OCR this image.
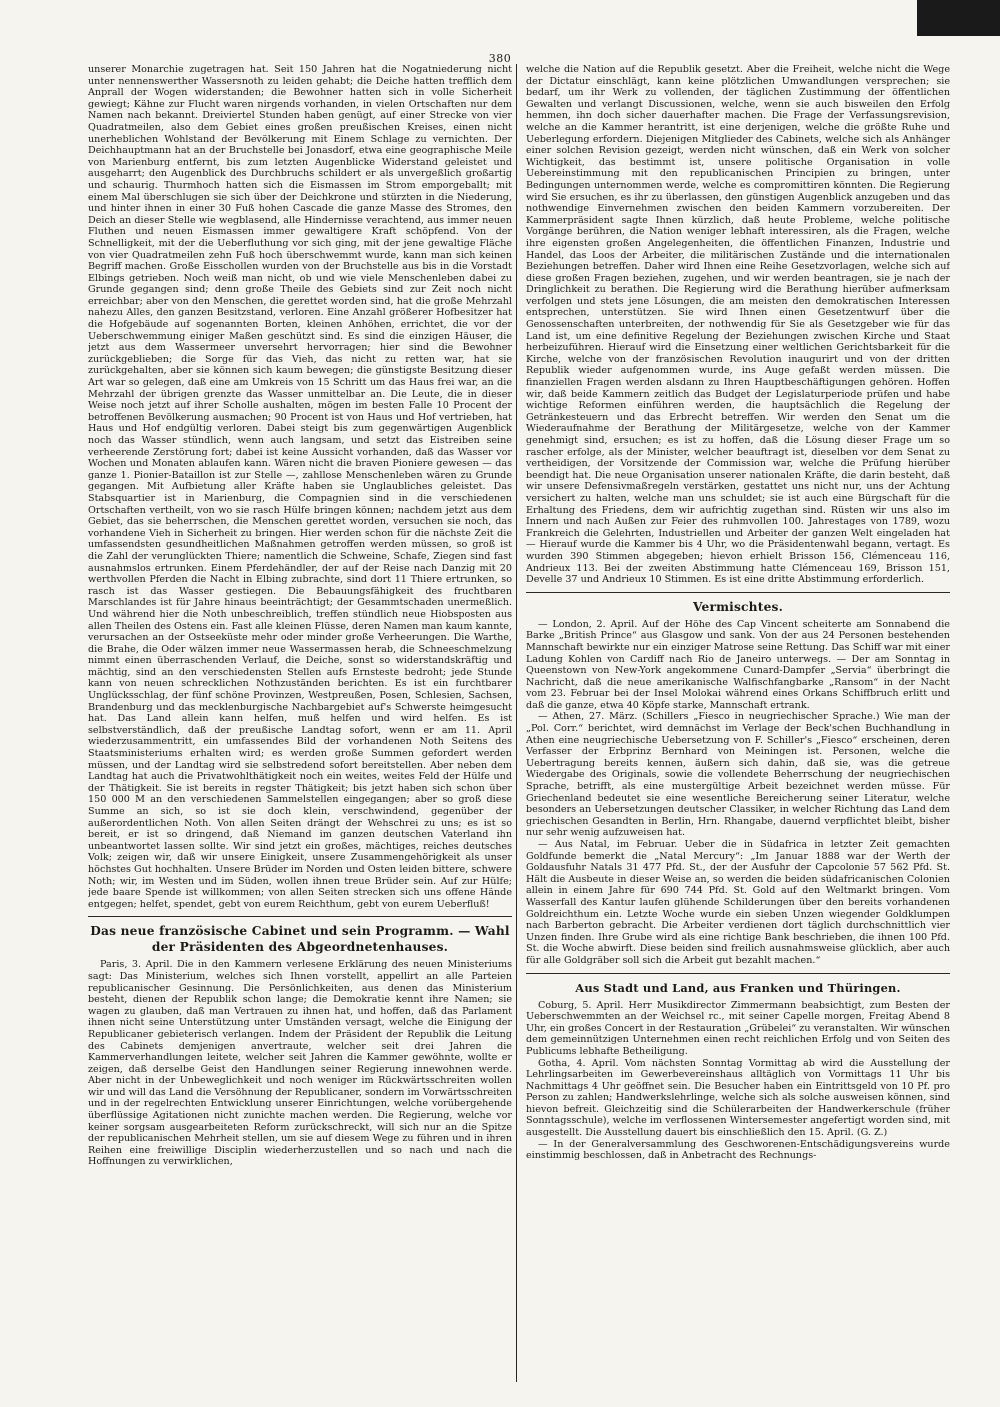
380

unserer Monarchie zugetragen hat. Seit 150 Jahren hat die Nogatniederung nicht unter nennenswerther Wassersnoth zu leiden gehabt; die Deiche hatten trefflich dem Anprall der Wogen widerstanden; die Bewohner hatten sich in volle Sicherheit gewiegt; Kähne zur Flucht waren nirgends vorhanden, in vielen Ortschaften nur dem Namen nach bekannt. Dreiviertel Stunden haben genügt, auf einer Strecke von vier Quadratmeilen, also dem Gebiet eines großen preußischen Kreises, einen nicht unerheblichen Wohlstand der Bevölkerung mit Einem Schlage zu vernichten. Der Deichhauptmann hat an der Bruchstelle bei Jonasdorf, etwa eine geographische Meile von Marienburg entfernt, bis zum letzten Augenblicke Widerstand geleistet und ausgeharrt; den Augenblick des Durchbruchs schildert er als unvergeßlich großartig und schaurig. Thurmhoch hatten sich die Eismassen im Strom emporgeballt; mit einem Mal überschlugen sie sich über der Deichkrone und stürzten in die Niederung, und hinter ihnen in einer 30 Fuß hohen Cascade die ganze Masse des Stromes, den Deich an dieser Stelle wie wegblasend, alle Hindernisse verachtend, aus immer neuen Fluthen und neuen Eismassen immer gewaltigere Kraft schöpfend. Von der Schnelligkeit, mit der die Ueberfluthung vor sich ging, mit der jene gewaltige Fläche von vier Quadratmeilen zehn Fuß hoch überschwemmt wurde, kann man sich keinen Begriff machen. Große Eisschollen wurden von der Bruchstelle aus bis in die Vorstadt Elbings getrieben. Noch weiß man nicht, ob und wie viele Menschenleben dabei zu Grunde gegangen sind; denn große Theile des Gebiets sind zur Zeit noch nicht erreichbar; aber von den Menschen, die gerettet worden sind, hat die große Mehrzahl nahezu Alles, den ganzen Besitzstand, verloren. Eine Anzahl größerer Hofbesitzer hat die Hofgebäude auf sogenannten Borten, kleinen Anhöhen, errichtet, die vor der Ueberschwemmung einiger Maßen geschützt sind. Es sind die einzigen Häuser, die jetzt aus dem Wassermeer unversehrt hervorragen; hier sind die Bewohner zurückgeblieben; die Sorge für das Vieh, das nicht zu retten war, hat sie zurückgehalten, aber sie können sich kaum bewegen; die günstigste Besitzung dieser Art war so gelegen, daß eine am Umkreis von 15 Schritt um das Haus frei war, an die Mehrzahl der übrigen grenzte das Wasser unmittelbar an. Die Leute, die in dieser Weise noch jetzt auf ihrer Scholle aushalten, mögen im besten Falle 10 Procent der betroffenen Bevölkerung ausmachen; 90 Procent ist von Haus und Hof vertrieben, hat Haus und Hof endgültig verloren. Dabei steigt bis zum gegenwärtigen Augenblick noch das Wasser stündlich, wenn auch langsam, und setzt das Eistreiben seine verheerende Zerstörung fort; dabei ist keine Aussicht vorhanden, daß das Wasser vor Wochen und Monaten ablaufen kann. Wären nicht die braven Pioniere gewesen — das ganze 1. Pionier-Bataillon ist zur Stelle —, zahllose Menschenleben wären zu Grunde gegangen. Mit Aufbietung aller Kräfte haben sie Unglaubliches geleistet. Das Stabsquartier ist in Marienburg, die Compagnien sind in die verschiedenen Ortschaften vertheilt, von wo sie rasch Hülfe bringen können; nachdem jetzt aus dem Gebiet, das sie beherrschen, die Menschen gerettet worden, versuchen sie noch, das vorhandene Vieh in Sicherheit zu bringen. Hier werden schon für die nächste Zeit die umfassendsten gesundheitlichen Maßnahmen getroffen werden müssen, so groß ist die Zahl der verunglückten Thiere; namentlich die Schweine, Schafe, Ziegen sind fast ausnahmslos ertrunken. Einem Pferdehändler, der auf der Reise nach Danzig mit 20 werthvollen Pferden die Nacht in Elbing zubrachte, sind dort 11 Thiere ertrunken, so rasch ist das Wasser gestiegen. Die Bebauungsfähigkeit des fruchtbaren Marschlandes ist für Jahre hinaus beeinträchtigt; der Gesammtschaden unermeßlich. Und während hier die Noth unbeschreiblich, treffen stündlich neue Hiobsposten aus allen Theilen des Ostens ein. Fast alle kleinen Flüsse, deren Namen man kaum kannte, verursachen an der Ostseeküste mehr oder minder große Verheerungen. Die Warthe, die Brahe, die Oder wälzen immer neue Wassermassen herab, die Schneeschmelzung nimmt einen überraschenden Verlauf, die Deiche, sonst so widerstandskräftig und mächtig, sind an den verschiedensten Stellen aufs Ernsteste bedroht; jede Stunde kann von neuen schrecklichen Nothzuständen berichten. Es ist ein furchtbarer Unglücksschlag, der fünf schöne Provinzen, Westpreußen, Posen, Schlesien, Sachsen, Brandenburg und das mecklenburgische Nachbargebiet auf's Schwerste heimgesucht hat. Das Land allein kann helfen, muß helfen und wird helfen. Es ist selbstverständlich, daß der preußische Landtag sofort, wenn er am 11. April wiederzusammentritt, ein umfassendes Bild der vorhandenen Noth Seitens des Staatsministeriums erhalten wird; es werden große Summen gefordert werden müssen, und der Landtag wird sie selbstredend sofort bereitstellen. Aber neben dem Landtag hat auch die Privatwohlthätigkeit noch ein weites, weites Feld der Hülfe und der Thätigkeit. Sie ist bereits in regster Thätigkeit; bis jetzt haben sich schon über 150 000 M an den verschiedenen Sammelstellen eingegangen; aber so groß diese Summe an sich, so ist sie doch klein, verschwindend, gegenüber der außerordentlichen Noth. Von allen Seiten drängt der Wehschrei zu uns; es ist so bereit, er ist so dringend, daß Niemand im ganzen deutschen Vaterland ihn unbeantwortet lassen sollte. Wir sind jetzt ein großes, mächtiges, reiches deutsches Volk; zeigen wir, daß wir unsere Einigkeit, unsere Zusammengehörigkeit als unser höchstes Gut hochhalten. Unsere Brüder im Norden und Osten leiden bittere, schwere Noth; wir, im Westen und im Süden, wollen ihnen treue Brüder sein. Auf zur Hülfe; jede baare Spende ist willkommen; von allen Seiten strecken sich uns offene Hände entgegen; helfet, spendet, gebt von eurem Reichthum, gebt von eurem Ueberfluß!

Das neue französische Cabinet und sein Programm. — Wahl der Präsidenten des Abgeordnetenhauses.

Paris, 3. April. Die in den Kammern verlesene Erklärung des neuen Ministeriums sagt: Das Ministerium, welches sich Ihnen vorstellt, appellirt an alle Parteien republicanischer Gesinnung. Die Persönlichkeiten, aus denen das Ministerium besteht, dienen der Republik schon lange; die Demokratie kennt ihre Namen; sie wagen zu glauben, daß man Vertrauen zu ihnen hat, und hoffen, daß das Parlament ihnen nicht seine Unterstützung unter Umständen versagt, welche die Einigung der Republicaner gebieterisch verlangen. Indem der Präsident der Republik die Leitung des Cabinets demjenigen anvertraute, welcher seit drei Jahren die Kammerverhandlungen leitete, welcher seit Jahren die Kammer gewöhnte, wollte er zeigen, daß derselbe Geist den Handlungen seiner Regierung innewohnen werde. Aber nicht in der Unbeweglichkeit und noch weniger im Rückwärtsschreiten wollen wir und will das Land die Versöhnung der Republicaner, sondern im Vorwärtsschreiten und in der regelrechten Entwicklung unserer Einrichtungen, welche vorübergehende überflüssige Agitationen nicht zunichte machen werden. Die Regierung, welche vor keiner sorgsam ausgearbeiteten Reform zurückschreckt, will sich nur an die Spitze der republicanischen Mehrheit stellen, um sie auf diesem Wege zu führen und in ihren Reihen eine freiwillige Disciplin wiederherzustellen und so nach und nach die Hoffnungen zu verwirklichen,

welche die Nation auf die Republik gesetzt. Aber die Freiheit, welche nicht die Wege der Dictatur einschlägt, kann keine plötzlichen Umwandlungen versprechen; sie bedarf, um ihr Werk zu vollenden, der täglichen Zustimmung der öffentlichen Gewalten und verlangt Discussionen, welche, wenn sie auch bisweilen den Erfolg hemmen, ihn doch sicher dauerhafter machen. Die Frage der Verfassungsrevision, welche an die Kammer herantritt, ist eine derjenigen, welche die größte Ruhe und Ueberlegung erfordern. Diejenigen Mitglieder des Cabinets, welche sich als Anhänger einer solchen Revision gezeigt, werden nicht wünschen, daß ein Werk von solcher Wichtigkeit, das bestimmt ist, unsere politische Organisation in volle Uebereinstimmung mit den republicanischen Principien zu bringen, unter Bedingungen unternommen werde, welche es compromittiren könnten. Die Regierung wird Sie ersuchen, es ihr zu überlassen, den günstigen Augenblick anzugeben und das nothwendige Einvernehmen zwischen den beiden Kammern vorzubereiten. Der Kammerpräsident sagte Ihnen kürzlich, daß heute Probleme, welche politische Vorgänge berühren, die Nation weniger lebhaft interessiren, als die Fragen, welche ihre eigensten großen Angelegenheiten, die öffentlichen Finanzen, Industrie und Handel, das Loos der Arbeiter, die militärischen Zustände und die internationalen Beziehungen betreffen. Daher wird Ihnen eine Reihe Gesetzvorlagen, welche sich auf diese großen Fragen beziehen, zugehen, und wir werden beantragen, sie je nach der Dringlichkeit zu berathen. Die Regierung wird die Berathung hierüber aufmerksam verfolgen und stets jene Lösungen, die am meisten den demokratischen Interessen entsprechen, unterstützen. Sie wird Ihnen einen Gesetzentwurf über die Genossenschaften unterbreiten, der nothwendig für Sie als Gesetzgeber wie für das Land ist, um eine definitive Regelung der Beziehungen zwischen Kirche und Staat herbeizuführen. Hierauf wird die Einsetzung einer weltlichen Gerichtsbarkeit für die Kirche, welche von der französischen Revolution inaugurirt und von der dritten Republik wieder aufgenommen wurde, ins Auge gefaßt werden müssen. Die finanziellen Fragen werden alsdann zu Ihren Hauptbeschäftigungen gehören. Hoffen wir, daß beide Kammern zeitlich das Budget der Legislaturperiode prüfen und habe wichtige Reformen einführen werden, die hauptsächlich die Regelung der Getränkesteuern und das Erbrecht betreffen. Wir werden den Senat um die Wiederaufnahme der Berathung der Militärgesetze, welche von der Kammer genehmigt sind, ersuchen; es ist zu hoffen, daß die Lösung dieser Frage um so rascher erfolge, als der Minister, welcher beauftragt ist, dieselben vor dem Senat zu vertheidigen, der Vorsitzende der Commission war, welche die Prüfung hierüber beendigt hat. Die neue Organisation unserer nationalen Kräfte, die darin besteht, daß wir unsere Defensivmaßregeln verstärken, gestattet uns nicht nur, uns der Achtung versichert zu halten, welche man uns schuldet; sie ist auch eine Bürgschaft für die Erhaltung des Friedens, dem wir aufrichtig zugethan sind. Rüsten wir uns also im Innern und nach Außen zur Feier des ruhmvollen 100. Jahrestages von 1789, wozu Frankreich die Gelehrten, Industriellen und Arbeiter der ganzen Welt eingeladen hat — Hierauf wurde die Kammer bis 4 Uhr, wo die Präsidentenwahl begann, vertagt. Es wurden 390 Stimmen abgegeben; hievon erhielt Brisson 156, Clémenceau 116, Andrieux 113. Bei der zweiten Abstimmung hatte Clémenceau 169, Brisson 151, Develle 37 und Andrieux 10 Stimmen. Es ist eine dritte Abstimmung erforderlich.

Vermischtes.

— London, 2. April. Auf der Höhe des Cap Vincent scheiterte am Sonnabend die Barke „British Prince“ aus Glasgow und sank. Von der aus 24 Personen bestehenden Mannschaft bewirkte nur ein einziger Matrose seine Rettung. Das Schiff war mit einer Ladung Kohlen von Cardiff nach Rio de Janeiro unterwegs. — Der am Sonntag in Queenstown von New-York angekommene Cunard-Dampfer „Servia“ überbringt die Nachricht, daß die neue amerikanische Walfischfangbarke „Ransom“ in der Nacht vom 23. Februar bei der Insel Molokai während eines Orkans Schiffbruch erlitt und daß die ganze, etwa 40 Köpfe starke, Mannschaft ertrank.

— Athen, 27. März. (Schillers „Fiesco in neugriechischer Sprache.) Wie man der „Pol. Corr.“ berichtet, wird demnächst im Verlage der Beck'schen Buchhandlung in Athen eine neugriechische Uebersetzung von F. Schiller's „Fiesco“ erscheinen, deren Verfasser der Erbprinz Bernhard von Meiningen ist. Personen, welche die Uebertragung bereits kennen, äußern sich dahin, daß sie, was die getreue Wiedergabe des Originals, sowie die vollendete Beherrschung der neugriechischen Sprache, betrifft, als eine mustergültige Arbeit bezeichnet werden müsse. Für Griechenland bedeutet sie eine wesentliche Bereicherung seiner Literatur, welche besonders an Uebersetzungen deutscher Classiker, in welcher Richtung das Land dem griechischen Gesandten in Berlin, Hrn. Rhangabe, dauernd verpflichtet bleibt, bisher nur sehr wenig aufzuweisen hat.

— Aus Natal, im Februar. Ueber die in Südafrica in letzter Zeit gemachten Goldfunde bemerkt die „Natal Mercury“: „Im Januar 1888 war der Werth der Goldausfuhr Natals 31 477 Pfd. St., der der Ausfuhr der Capcolonie 57 562 Pfd. St. Hält die Ausbeute in dieser Weise an, so werden die beiden südafricanischen Colonien allein in einem Jahre für 690 744 Pfd. St. Gold auf den Weltmarkt bringen. Vom Wasserfall des Kantur laufen glühende Schilderungen über den bereits vorhandenen Goldreichthum ein. Letzte Woche wurde ein sieben Unzen wiegender Goldklumpen nach Barberton gebracht. Die Arbeiter verdienen dort täglich durchschnittlich vier Unzen finden. Ihre Grube wird als eine richtige Bank beschrieben, die ihnen 100 Pfd. St. die Woche abwirft. Diese beiden sind freilich ausnahmsweise glücklich, aber auch für alle Goldgräber soll sich die Arbeit gut bezahlt machen.“

Aus Stadt und Land, aus Franken und Thüringen.

Coburg, 5. April. Herr Musikdirector Zimmermann beabsichtigt, zum Besten der Ueberschwemmten an der Weichsel rc., mit seiner Capelle morgen, Freitag Abend 8 Uhr, ein großes Concert in der Restauration „Grübelei“ zu veranstalten. Wir wünschen dem gemeinnützigen Unternehmen einen recht reichlichen Erfolg und von Seiten des Publicums lebhafte Betheiligung.

Gotha, 4. April. Vom nächsten Sonntag Vormittag ab wird die Ausstellung der Lehrlingsarbeiten im Gewerbevereinshaus alltäglich von Vormittags 11 Uhr bis Nachmittags 4 Uhr geöffnet sein. Die Besucher haben ein Eintrittsgeld von 10 Pf. pro Person zu zahlen; Handwerkslehrlinge, welche sich als solche ausweisen können, sind hievon befreit. Gleichzeitig sind die Schülerarbeiten der Handwerkerschule (früher Sonntagsschule), welche im verflossenen Wintersemester angefertigt worden sind, mit ausgestellt. Die Ausstellung dauert bis einschließlich den 15. April. (G. Z.)

— In der Generalversammlung des Geschworenen-Entschädigungsvereins wurde einstimmig beschlossen, daß in Anbetracht des Rechnungs-
